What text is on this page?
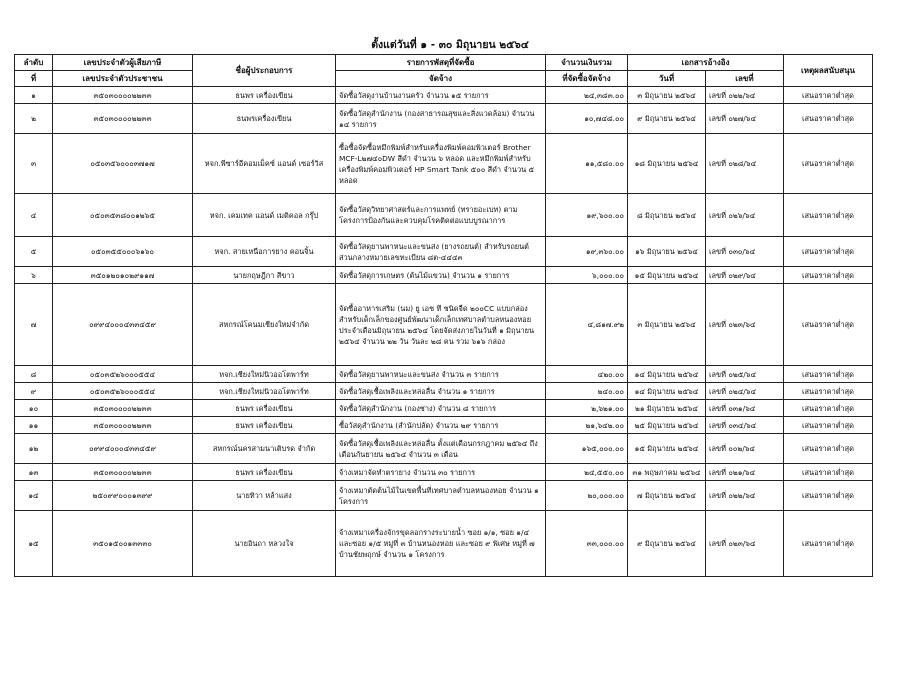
ตั้งแต่วันที่ ๑ - ๓๐ มิถุนายน ๒๕๖๔
ลำดับ	เลขประจำตัวผู้เสียภาษี	ชื่อผู้ประกอบการ	รายการพัสดุที่จัดซื้อ	จำนวนเงินรวม	เอกสารอ้างอิง		เหตุผลสนับสนุน
ที่	เลขประจำตัวประชาชน		จัดจ้าง	ที่จัดซื้อจัดจ้าง	วันที่	เลขที่	
๑	๓๕๐๓๐๐๐๐๒๒๓๓	ธนพร เครื่องเขียน	จัดซื้อวัสดุงานบ้านงานครัว จำนวน ๑๕ รายการ	๒๔,๓๘๓.๐๐	๓ มิถุนายน ๒๕๖๔	เลขที่ ๐๒๒/๖๔	เสนอราคาต่ำสุด
๒	๓๕๐๓๐๐๐๐๒๒๓๓	ธนพรเครื่องเขียน	จัดซื้อวัสดุสำนักงาน (กองสาธารณสุขและสิ่งแวดล้อม) จำนวน ๑๔ รายการ	๑๐,๗๔๘.๐๐	๙ มิถุนายน ๒๕๖๔	เลขที่ ๐๒๗/๖๔	เสนอราคาต่ำสุด
๓	๐๕๐๓๕๖๐๐๐๓๗๑๗	หจก.พีซาร์อีคอมเม็คซ์ แอนด์ เซอร์วิส	ซื้อซื้อจัดซื้อหมึกพิมพ์สำหรับเครื่องพิมพ์คอมพิวเตอร์ Brother MCF-L๒๗๔๐DW สีดำ จำนวน ๖ หลอด และหมึกพิมพ์สำหรับเครื่องพิมพ์คอมพิวเตอร์ HP Smart Tank ๕๐๐ สีดำ จำนวน ๕ หลอด	๑๑,๕๘๐.๐๐	๑๘ มิถุนายน ๒๕๖๔	เลขที่ ๐๒๘/๖๔	เสนอราคาต่ำสุด
๔	๐๕๐๓๕๓๘๐๐๑๒๖๕	หจก. เคมเทค แอนด์ เมดิคอล กรุ๊ป	จัดซื้อวัสดุวิทยาศาสตร์และการแพทย์ (ทรายอะเบท) ตามโครงการป้องกันและควบคุมโรคติดต่อแบบบูรณาการ	๑๙,๖๐๐.๐๐	๘ มิถุนายน ๒๕๖๔	เลขที่ ๐๒๖/๖๔	เสนอราคาต่ำสุด
๕	๐๕๐๓๕๕๐๐๐๖๑๖๐	หจก. สายเหนือการยาง คอนจิ้น	จัดซื้อวัสดุยานพาหนะและขนส่ง (ยางรถยนต์) สำหรับรถยนต์ส่วนกลางหมายเลขทะเบียน ๘ต-๔๔๔๓	๑๙,๓๖๐.๐๐	๑๖ มิถุนายน ๒๕๖๔	เลขที่ ๐๓๐/๖๔	เสนอราคาต่ำสุด
๖	๓๕๐๑๒๐๑๐๒๙๑๑๗	นายกฤษฎีกา สีขาว	จัดซื้อวัสดุการเกษตร (ต้นไม้แขวน) จำนวน ๑ รายการ	๖,๐๐๐.๐๐	๑๕ มิถุนายน ๒๕๖๔	เลขที่ ๐๒๙/๖๔	เสนอราคาต่ำสุด
๗	๐๙๙๔๐๐๐๔๓๓๔๕๙	สหกรณ์โคนมเชียงใหม่จำกัด	จัดซื้ออาหารเสริม (นม) ยู เอช ที ชนิดจืด ๒๐๐CC แบบกล่อง สำหรับเด็กเล็กของศูนย์พัฒนาเด็กเล็กเทศบาลตำบลหนองหอย ประจำเดือนมิถุนายน ๒๕๖๔ โดยจัดส่งภายในวันที่ ๑ มิถุนายน ๒๕๖๔ จำนวน ๒๒ วัน วันละ ๒๘ คน รวม ๖๑๖ กล่อง	๔,๘๑๗.๙๒	๓ มิถุนายน ๒๕๖๔	เลขที่ ๐๒๓/๖๔	เสนอราคาต่ำสุด
๘	๐๕๐๓๕๒๖๐๐๐๕๕๔	หจก.เชียงใหม่นิวออโตพาร์ท	จัดซื้อวัสดุยานพาหนะและขนส่ง จำนวน ๓ รายการ	๔๒๐.๐๐	๑๔ มิถุนายน ๒๕๖๔	เลขที่ ๐๒๕/๖๔	เสนอราคาต่ำสุด
๙	๐๕๐๓๕๒๖๐๐๐๕๕๔	หจก.เชียงใหม่นิวออโตพาร์ท	จัดซื้อวัสดุเชื้อเพลิงและหล่อลื่น จำนวน ๑ รายการ	๒๔๐.๐๐	๑๔ มิถุนายน ๒๕๖๔	เลขที่ ๐๒๔/๖๔	เสนอราคาต่ำสุด
๑๐	๓๕๐๓๐๐๐๐๒๒๓๓	ธนพร เครื่องเขียน	จัดซื้อวัสดุสำนักงาน (กองช่าง) จำนวน ๘ รายการ	๒,๖๒๑.๐๐	๒๑ มิถุนายน ๒๕๖๔	เลขที่ ๐๓๑/๖๔	เสนอราคาต่ำสุด
๑๑	๓๕๐๓๐๐๐๐๒๒๓๓	ธนพร เครื่องเขียน	ซื้อวัสดุสำนักงาน (สำนักปลัด) จำนวน ๒๙ รายการ	๒๑,๖๔๒.๐๐	๒๕ มิถุนายน ๒๕๖๔	เลขที่ ๐๓๔/๖๔	เสนอราคาต่ำสุด
๑๒	๐๙๙๔๐๐๐๔๓๓๔๕๙	สหกรณ์นครสามนาเติบรด จำกัด	จัดซื้อวัสดุเชื้อเพลิงและหล่อลื่น ตั้งแต่เดือนกรกฎาคม ๒๕๖๔ ถึงเดือนกันยายน ๒๕๖๔ จำนวน ๓ เดือน	๑๖๕,๐๐๐.๐๐	๑๕ มิถุนายน ๒๕๖๔	เลขที่ ๐๐๒/๖๔	เสนอราคาต่ำสุด
๑๓	๓๕๐๓๐๐๐๐๒๒๓๓	ธนพร เครื่องเขียน	จ้างเหมาจัดทำตรายาง จำนวน ๓๐ รายการ	๒๔,๕๕๐.๐๐	๓๑ พฤษภาคม ๒๕๖๔	เลขที่ ๐๒๑/๖๔	เสนอราคาต่ำสุด
๑๔	๒๕๐๙๙๐๐๐๑๓๙๙	นายทิวา หล้าแสง	จ้างเหมาตัดต้นไม้ในเขตพื้นที่เทศบาลตำบลหนองหอย จำนวน ๑ โครงการ	๒๐,๐๐๐.๐๐	๗ มิถุนายน ๒๕๖๔	เลขที่ ๐๒๒/๖๔	เสนอราคาต่ำสุด
๑๕	๓๕๐๑๕๐๐๑๓๓๓๐	นายอินถา หลวงใจ	จ้างเหมาเครื่องจักรขุดลอกรางระบายน้ำ ซอย ๑/๑, ซอย ๑/๔ และซอย ๑/๕ หมู่ที่ ๓ บ้านหนองหอย และซอย ๙ พิเศษ หมู่ที่ ๗ บ้านชัยพฤกษ์ จำนวน ๑ โครงการ	๓๓,๐๐๐.๐๐	๙ มิถุนายน ๒๕๖๔	เลขที่ ๐๒๓/๖๔	เสนอราคาต่ำสุด
